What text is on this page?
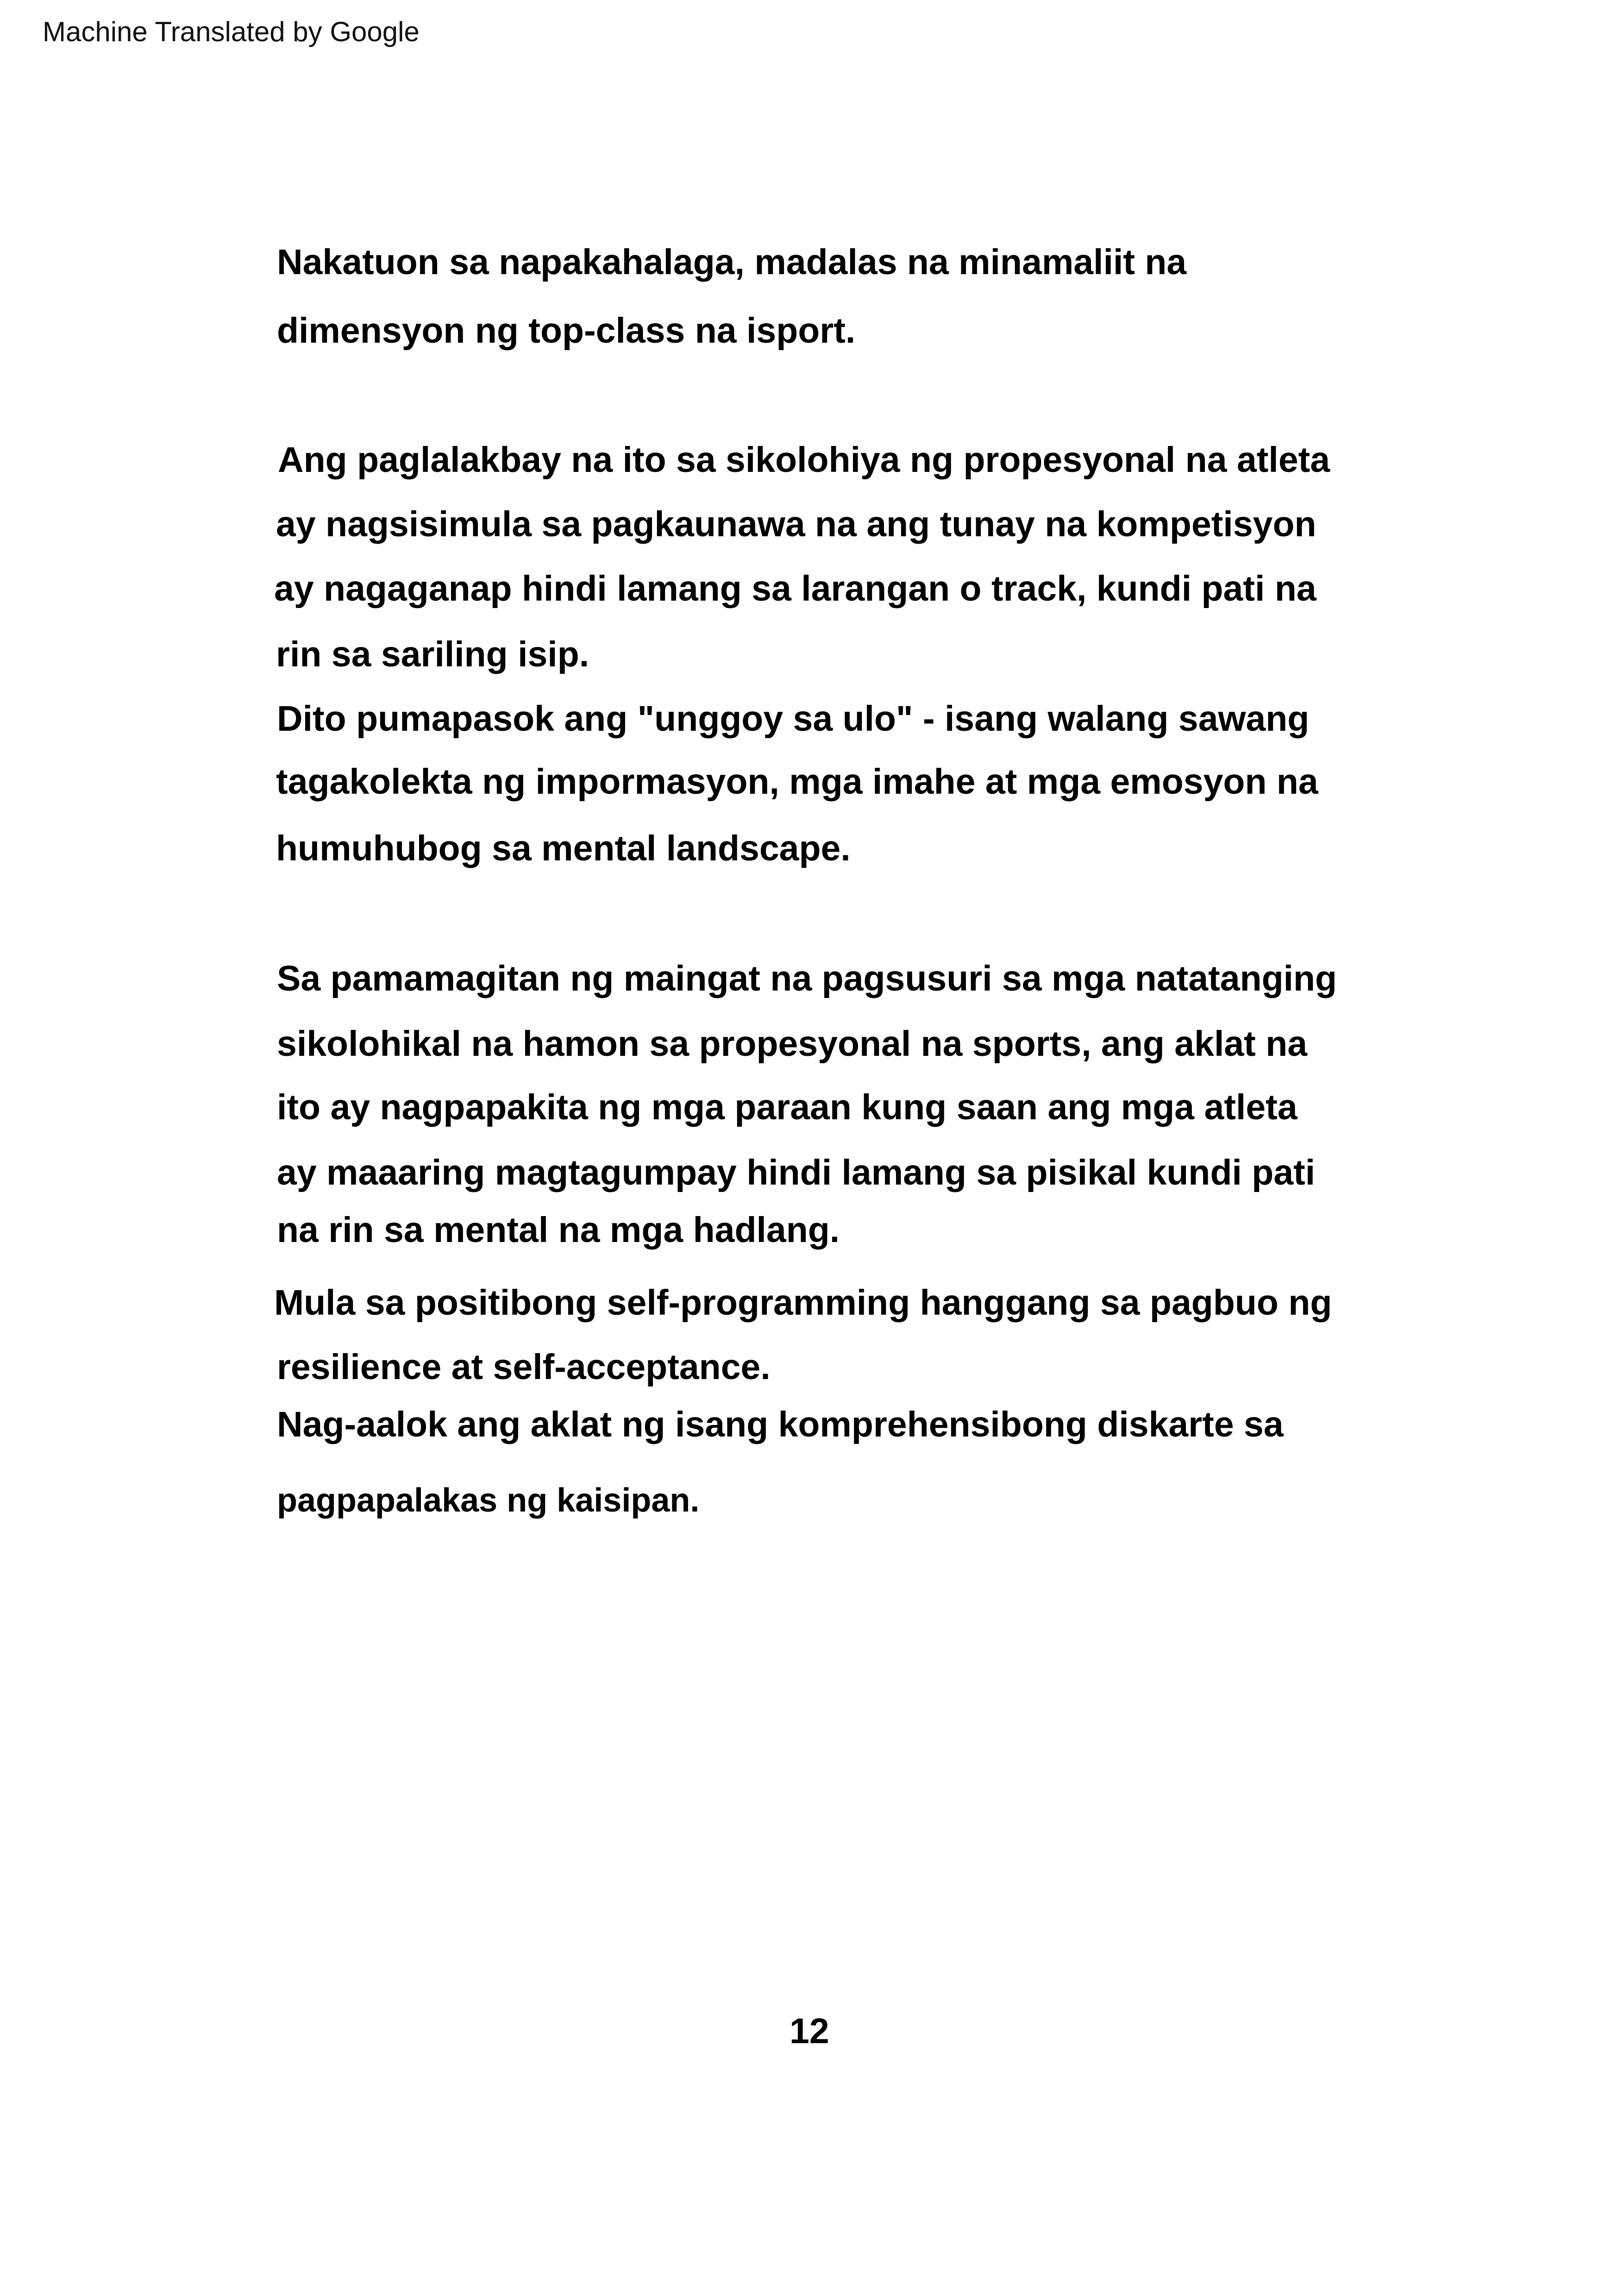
Machine Translated by Google
Nakatuon sa napakahalaga, madalas na minamaliit na
dimensyon ng top-class na isport.
Ang paglalakbay na ito sa sikolohiya ng propesyonal na atleta
ay nagsisimula sa pagkaunawa na ang tunay na kompetisyon
ay nagaganap hindi lamang sa larangan o track, kundi pati na
rin sa sariling isip.
Dito pumapasok ang "unggoy sa ulo" - isang walang sawang
tagakolekta ng impormasyon, mga imahe at mga emosyon na
humuhubog sa mental landscape.
Sa pamamagitan ng maingat na pagsusuri sa mga natatanging
sikolohikal na hamon sa propesyonal na sports, ang aklat na
ito ay nagpapakita ng mga paraan kung saan ang mga atleta
ay maaaring magtagumpay hindi lamang sa pisikal kundi pati
na rin sa mental na mga hadlang.
Mula sa positibong self-programming hanggang sa pagbuo ng
resilience at self-acceptance.
Nag-aalok ang aklat ng isang komprehensibong diskarte sa
pagpapalakas ng kaisipan.
12
